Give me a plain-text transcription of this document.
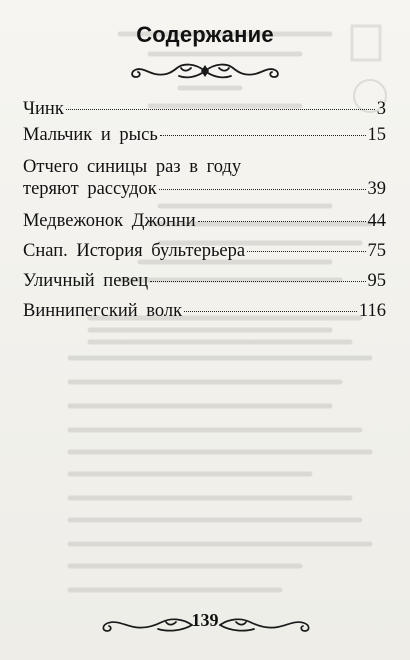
Содержание
Чинк	3
Мальчик и рысь	15
Отчего синицы раз в году
теряют рассудок	39
Медвежонок Джонни	44
Снап. История бультерьера	75
Уличный певец	95
Виннипегский волк	116
139
